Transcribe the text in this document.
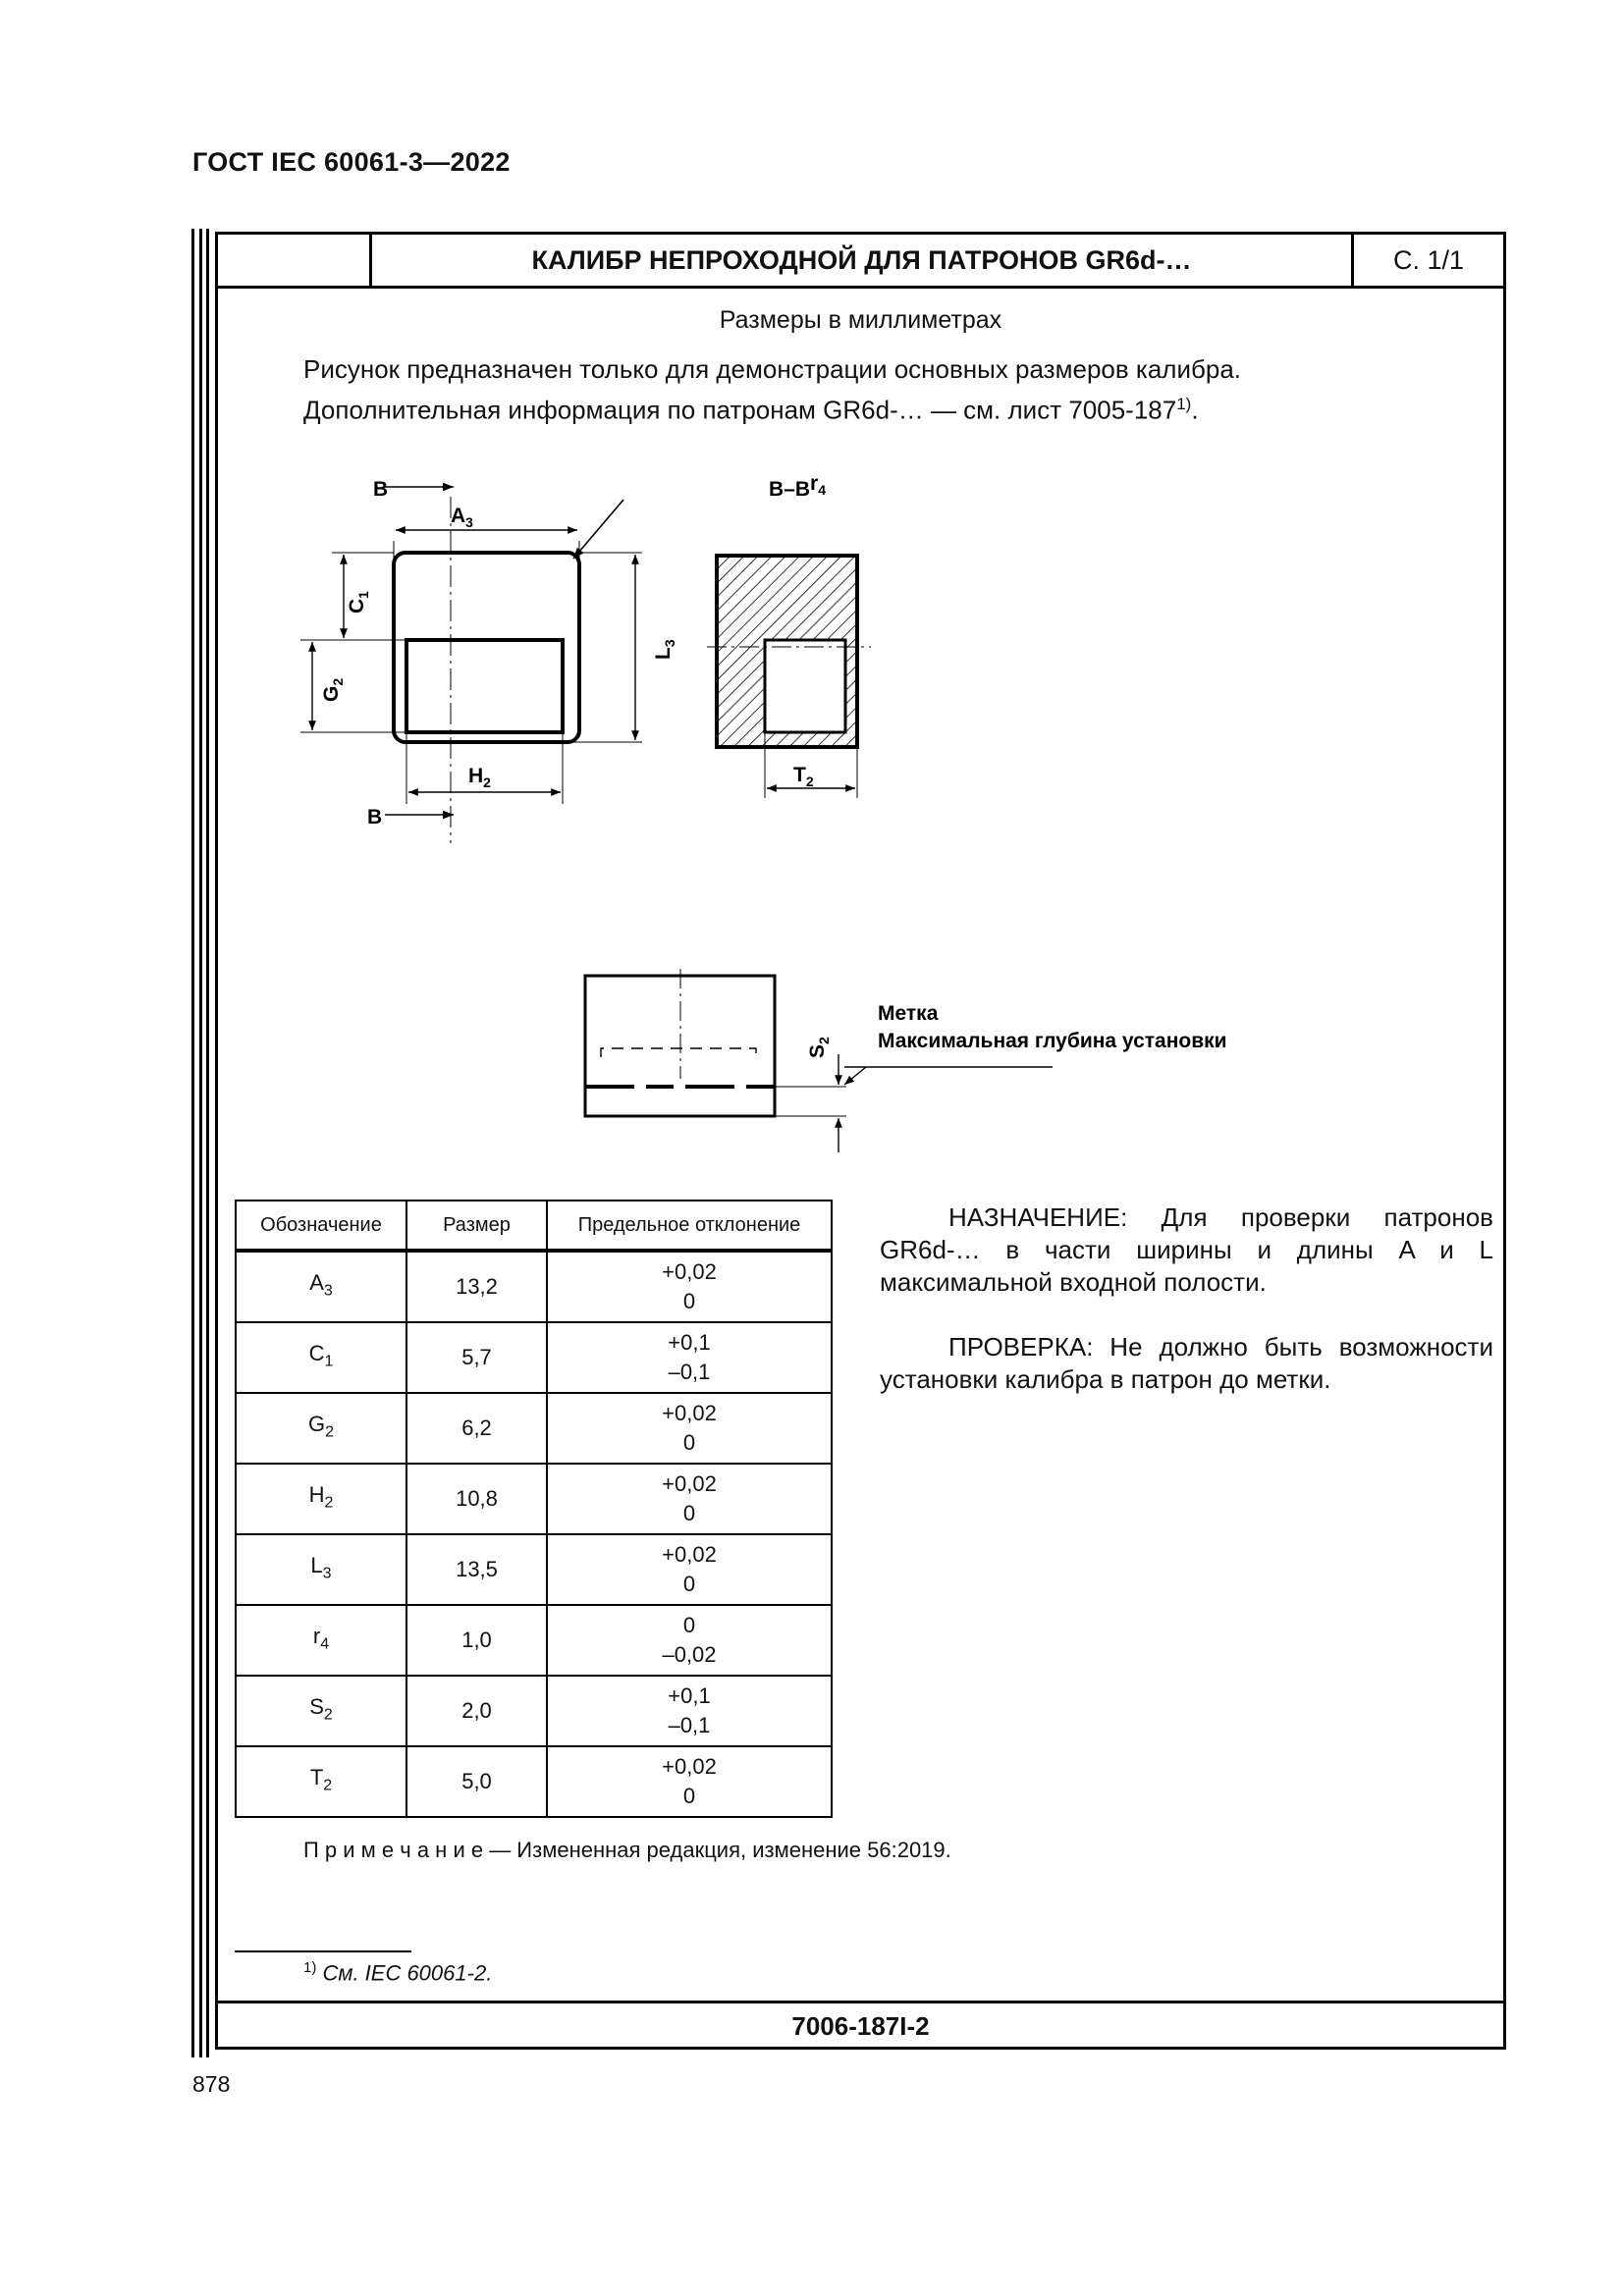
ГОСТ IEC 60061-3—2022
КАЛИБР НЕПРОХОДНОЙ ДЛЯ ПАТРОНОВ GR6d-…	С. 1/1
Размеры в миллиметрах
Рисунок предназначен только для демонстрации основных размеров калибра.
Дополнительная информация по патронам GR6d-… — см. лист 7005-187$^{1)}$.
В
В
$A_3$
$r_4$
$H_2$
$L_3$
$C_1$
$G_2$
В–В
$T_2$
$S_2$
Метка
Максимальная глубина установки
Обозначение	Размер	Предельное отклонение
$A_3$	13,2	+0,02
0

$C_1$	5,7	+0,1
–0,1

$G_2$	6,2	+0,02
0

$H_2$	10,8	+0,02
0

$L_3$	13,5	+0,02
0

$r_4$	1,0	0
–0,02

$S_2$	2,0	+0,1
–0,1

$T_2$	5,0	+0,02
0

НАЗНАЧЕНИЕ: Для проверки патронов GR6d-… в части ширины и длины A и L максимальной входной полости.

ПРОВЕРКА: Не должно быть возможности установки калибра в патрон до метки.

П р и м е ч а н и е — Измененная редакция, изменение 56:2019.
$^{1)}$ См. IEC 60061-2.
7006-187I-2
878
